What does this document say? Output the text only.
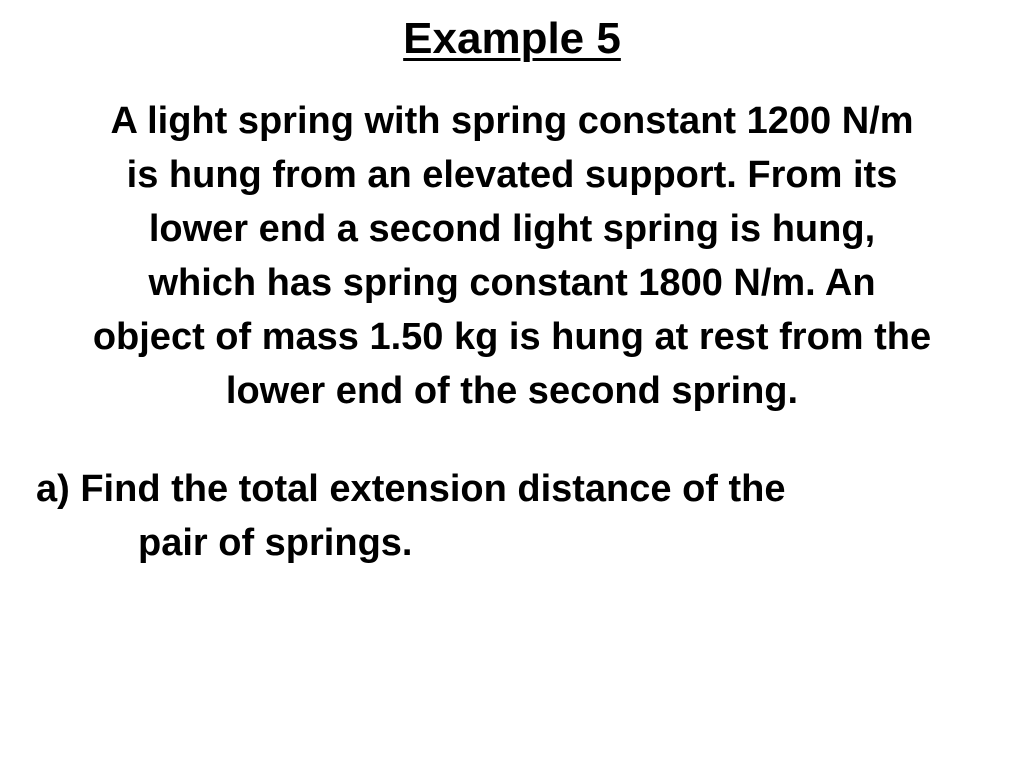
Example 5
A light spring with spring constant 1200 N/m
is hung from an elevated support. From its
lower end a second light spring is hung,
which has spring constant 1800 N/m. An
object of mass 1.50 kg is hung at rest from the
lower end of the second spring.
a) Find the total extension distance of the
pair of springs.
